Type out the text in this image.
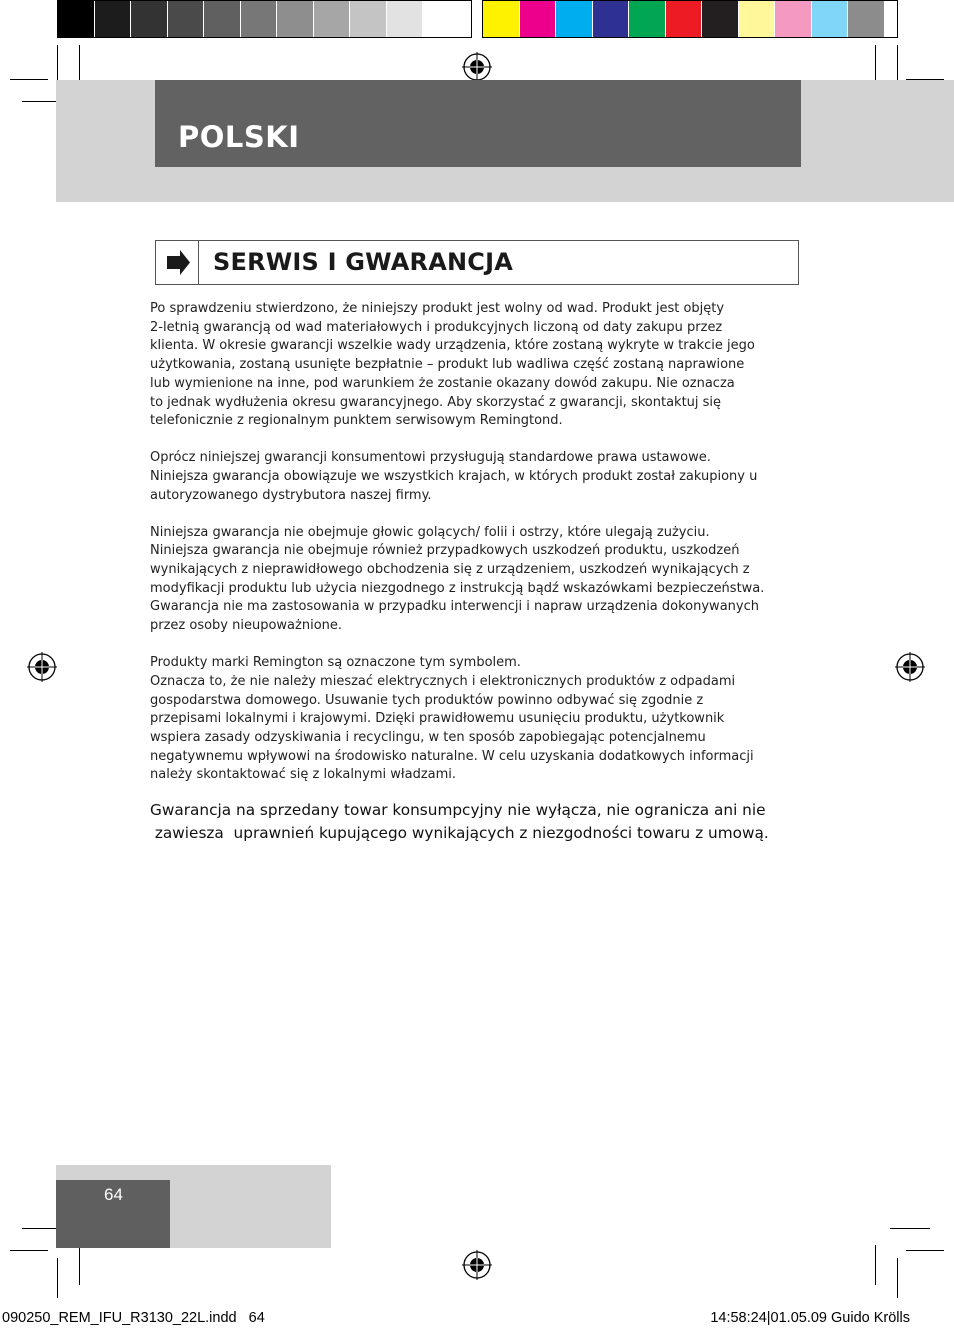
POLSKI
SERWIS I GWARANCJA

Po sprawdzeniu stwierdzono, że niniejszy produkt jest wolny od wad. Produkt jest objęty
2-letnią gwarancją od wad materiałowych i produkcyjnych liczoną od daty zakupu przez
klienta. W okresie gwarancji wszelkie wady urządzenia, które zostaną wykryte w trakcie jego
użytkowania, zostaną usunięte bezpłatnie – produkt lub wadliwa część zostaną naprawione
lub wymienione na inne, pod warunkiem że zostanie okazany dowód zakupu. Nie oznacza
to jednak wydłużenia okresu gwarancyjnego. Aby skorzystać z gwarancji, skontaktuj się
telefonicznie z regionalnym punktem serwisowym Remingtond.

Oprócz niniejszej gwarancji konsumentowi przysługują standardowe prawa ustawowe.
Niniejsza gwarancja obowiązuje we wszystkich krajach, w których produkt został zakupiony u
autoryzowanego dystrybutora naszej firmy.

Niniejsza gwarancja nie obejmuje głowic golących/ folii i ostrzy, które ulegają zużyciu.
Niniejsza gwarancja nie obejmuje również przypadkowych uszkodzeń produktu, uszkodzeń
wynikających z nieprawidłowego obchodzenia się z urządzeniem, uszkodzeń wynikających z
modyfikacji produktu lub użycia niezgodnego z instrukcją bądź wskazówkami bezpieczeństwa.
Gwarancja nie ma zastosowania w przypadku interwencji i napraw urządzenia dokonywanych
przez osoby nieupoważnione.

Produkty marki Remington są oznaczone tym symbolem.
Oznacza to, że nie należy mieszać elektrycznych i elektronicznych produktów z odpadami
gospodarstwa domowego. Usuwanie tych produktów powinno odbywać się zgodnie z
przepisami lokalnymi i krajowymi. Dzięki prawidłowemu usunięciu produktu, użytkownik
wspiera zasady odzyskiwania i recyclingu, w ten sposób zapobiegając potencjalnemu
negatywnemu wpływowi na środowisko naturalne. W celu uzyskania dodatkowych informacji
należy skontaktować się z lokalnymi władzami.

Gwarancja na sprzedany towar konsumpcyjny nie wyłącza, nie ogranicza ani nie
zawiesza  uprawnień kupującego wynikających z niezgodności towaru z umową.
64
090250_REM_IFU_R3130_22L.indd   64	14:58:24|01.05.09 Guido Krölls
